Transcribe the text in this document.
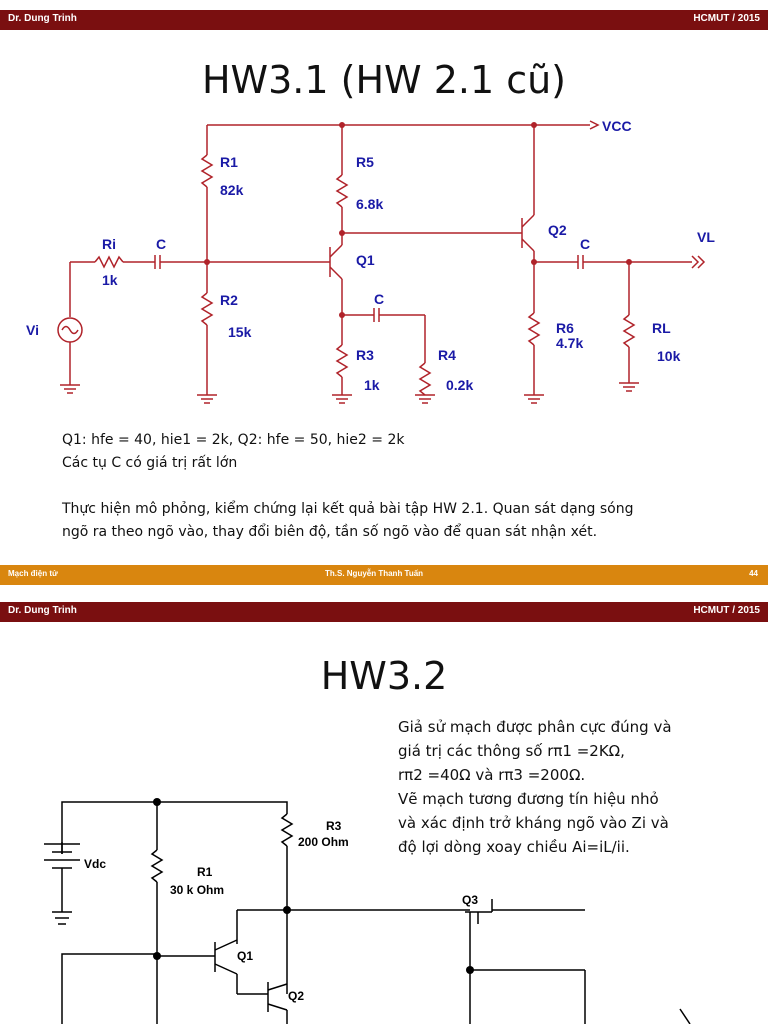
Dr. Dung Trinh	HCMUT / 2015
HW3.1 (HW 2.1 cũ)
VCC
VL
Vi
R1
82k
R2
15k
R5
6.8k
Ri
1k
C
C
C
Q1
Q2
R3
1k
R4
0.2k
R6
4.7k
RL
10k
Q1: hfe = 40, hie1 = 2k, Q2: hfe = 50, hie2 = 2k
Các tụ C có giá trị rất lớn
Thực hiện mô phỏng, kiểm chứng lại kết quả bài tập HW 2.1. Quan sát dạng sóng
ngõ ra theo ngõ vào, thay đổi biên độ, tần số ngõ vào để quan sát nhận xét.
Mạch điện tử	Th.S. Nguyễn Thanh Tuấn	44
Dr. Dung Trinh	HCMUT / 2015
HW3.2
Giả sử mạch được phân cực đúng và
giá trị các thông số rπ1 =2KΩ,
rπ2 =40Ω và rπ3 =200Ω.
Vẽ mạch tương đương tín hiệu nhỏ
và xác định trở kháng ngõ vào Zi và
độ lợi dòng xoay chiều Ai=iL/ii.
Vdc
R1
30 k Ohm
R3
200 Ohm
Q1
Q2
Q3
